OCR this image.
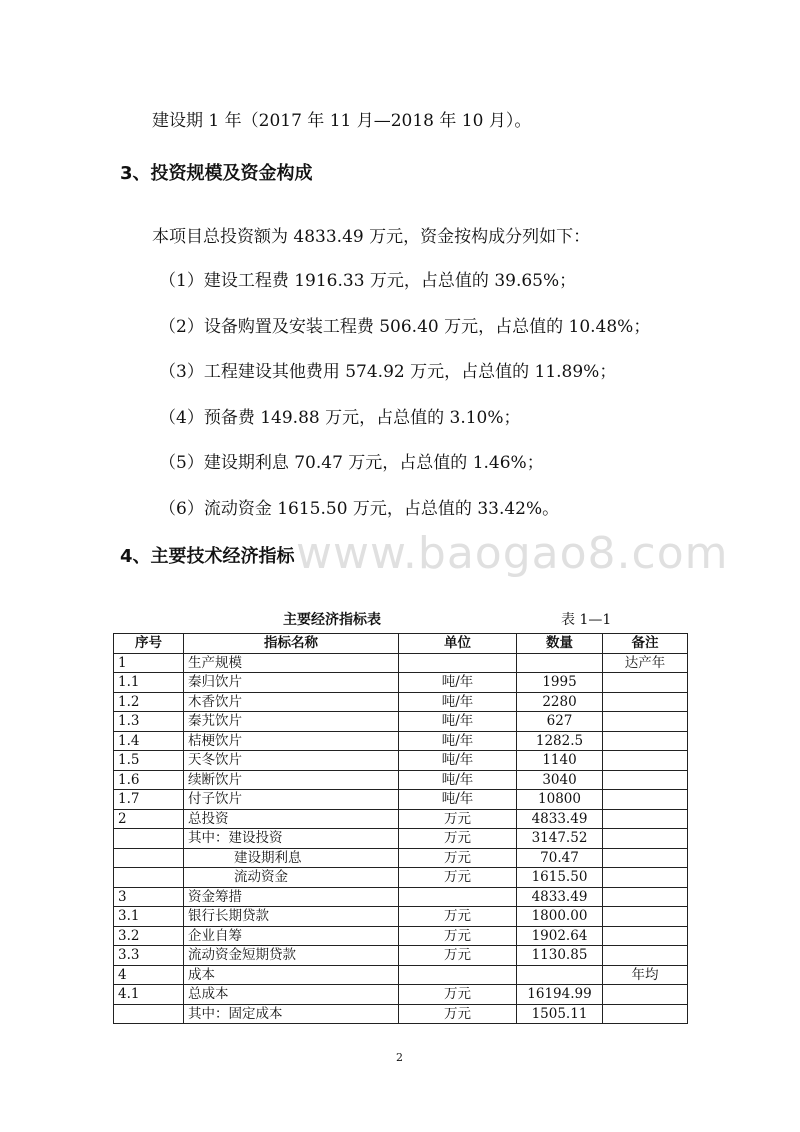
建设期 1 年（2017 年 11 月—2018 年 10 月）。
3、投资规模及资金构成
本项目总投资额为 4833.49 万元，资金按构成分列如下：
（1）建设工程费 1916.33 万元，占总值的 39.65%；
（2）设备购置及安装工程费 506.40 万元，占总值的 10.48%；
（3）工程建设其他费用 574.92 万元，占总值的 11.89%；
（4）预备费 149.88 万元，占总值的 3.10%；
（5）建设期利息 70.47 万元，占总值的 1.46%；
（6）流动资金 1615.50 万元，占总值的 33.42%。
www.baogao8.com
4、主要技术经济指标
主要经济指标表	表 1—1
序号	指标名称	单位	数量	备注
1	生产规模			达产年
1.1	秦归饮片	吨/年	1995	
1.2	木香饮片	吨/年	2280	
1.3	秦艽饮片	吨/年	627	
1.4	桔梗饮片	吨/年	1282.5	
1.5	天冬饮片	吨/年	1140	
1.6	续断饮片	吨/年	3040	
1.7	付子饮片	吨/年	10800	
2	总投资	万元	4833.49	
	其中：建设投资	万元	3147.52	
	建设期利息	万元	70.47	
	流动资金	万元	1615.50	
3	资金筹措		4833.49	
3.1	银行长期贷款	万元	1800.00	
3.2	企业自筹	万元	1902.64	
3.3	流动资金短期贷款	万元	1130.85	
4	成本			年均
4.1	总成本	万元	16194.99	
	其中：固定成本	万元	1505.11	
2
